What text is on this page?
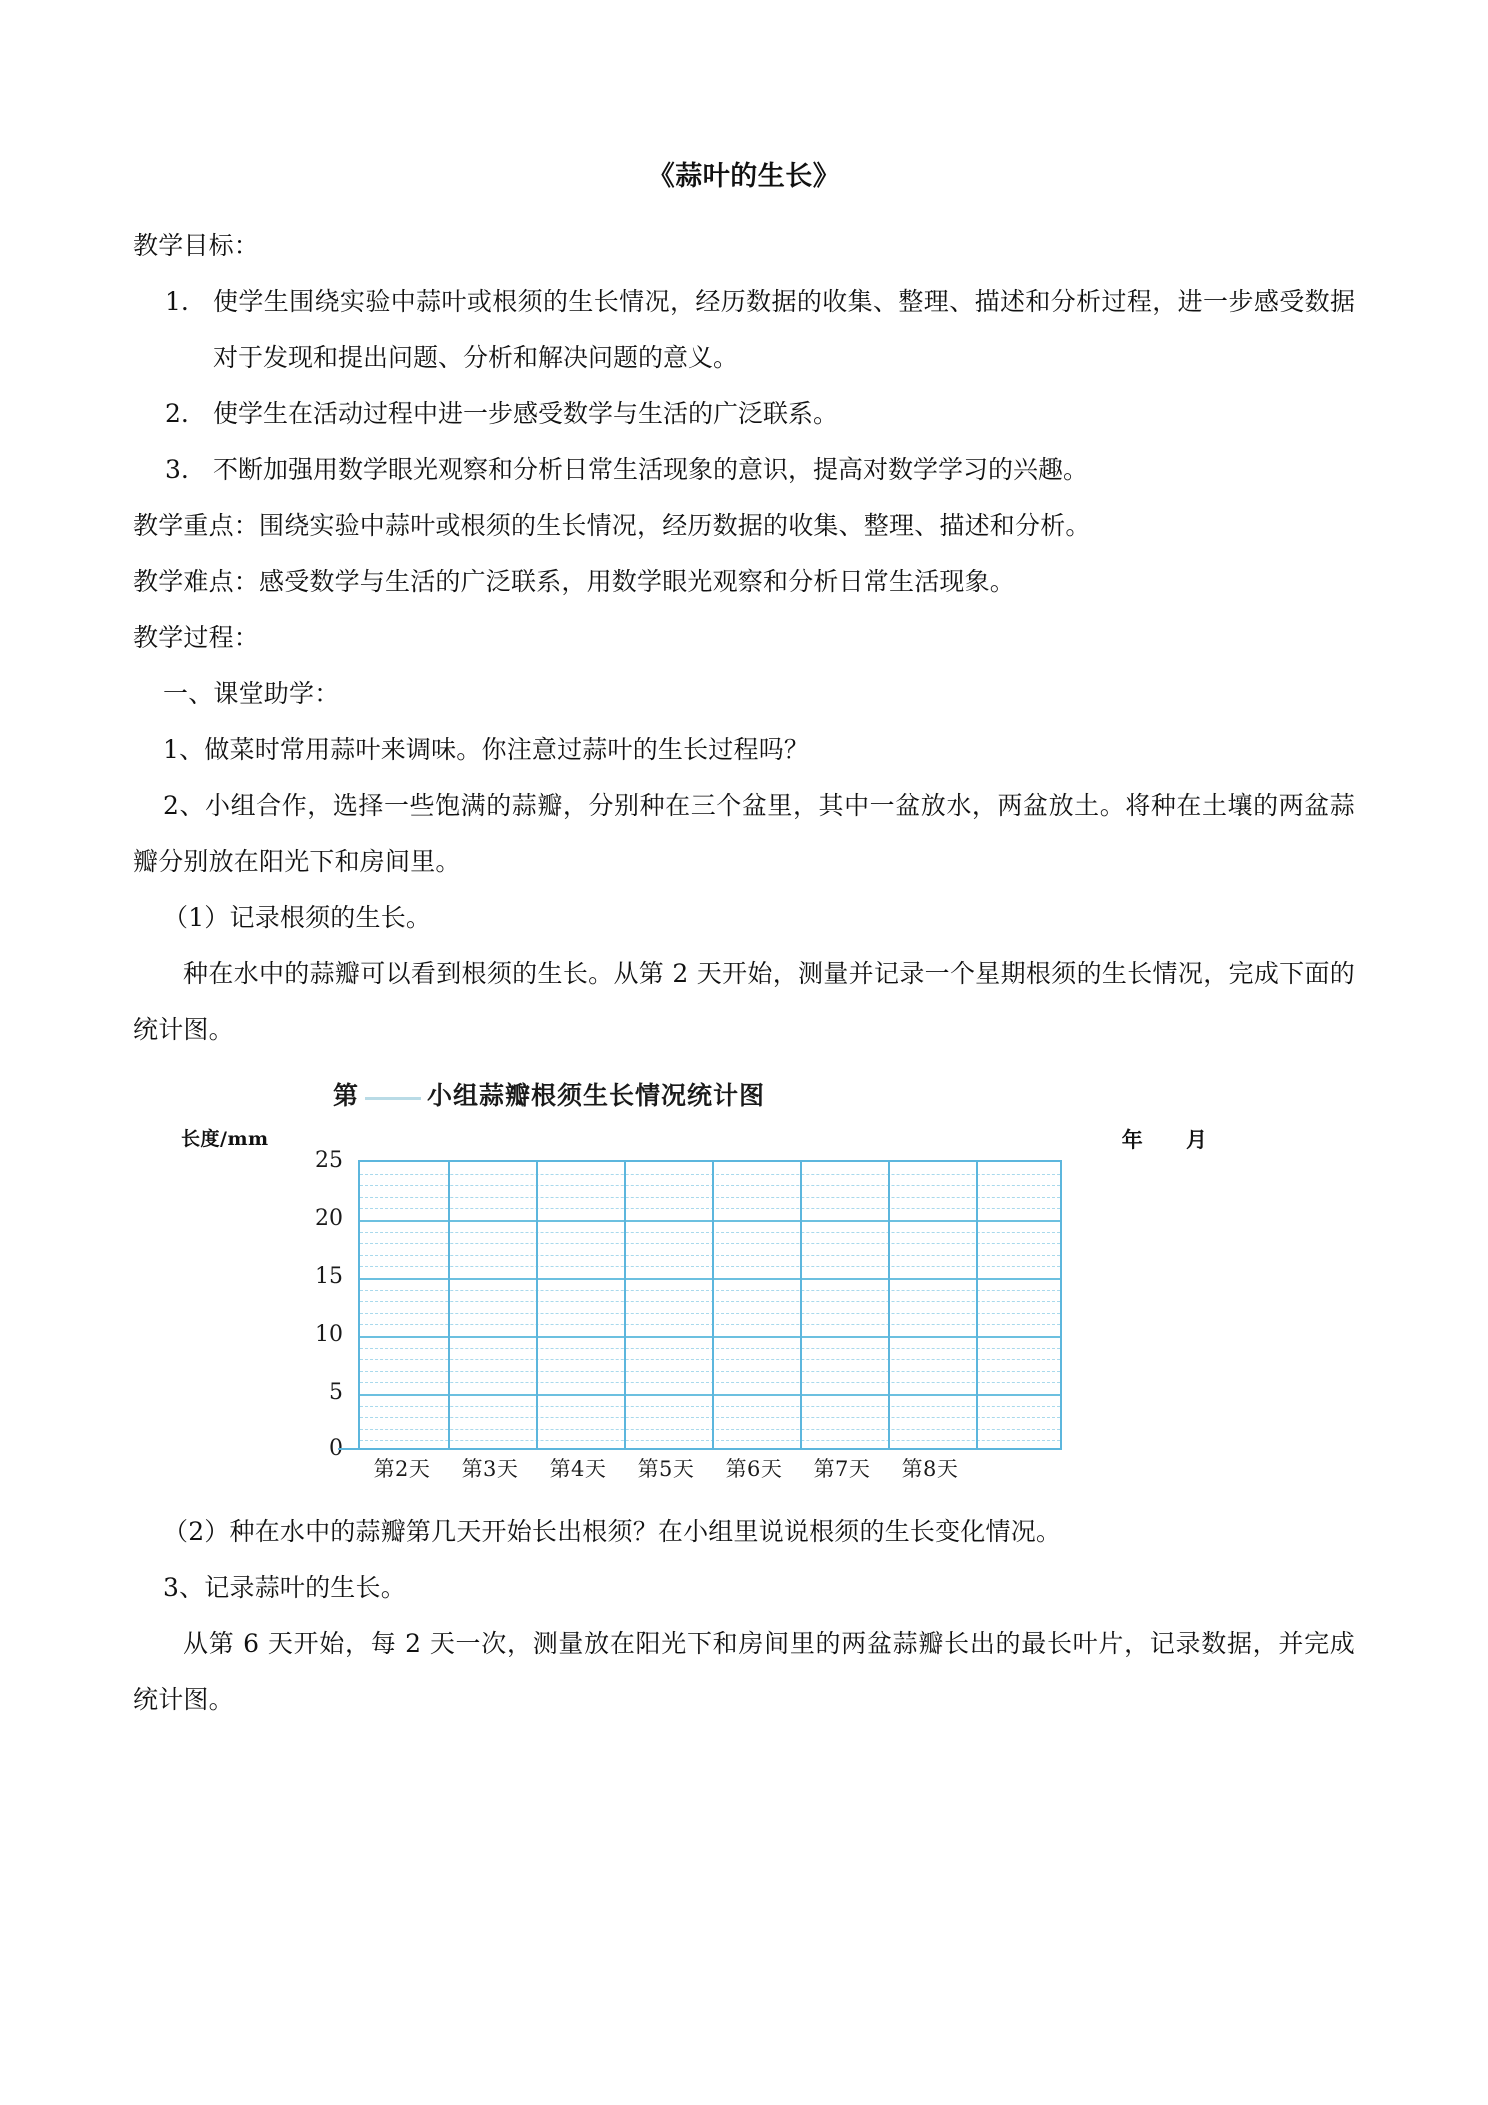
《蒜叶的生长》

教学目标：

1. 使学生围绕实验中蒜叶或根须的生长情况，经历数据的收集、整理、描述和分析过程，进一步感受数据对于发现和提出问题、分析和解决问题的意义。
2. 使学生在活动过程中进一步感受数学与生活的广泛联系。
3. 不断加强用数学眼光观察和分析日常生活现象的意识，提高对数学学习的兴趣。

教学重点：围绕实验中蒜叶或根须的生长情况，经历数据的收集、整理、描述和分析。

教学难点：感受数学与生活的广泛联系，用数学眼光观察和分析日常生活现象。

教学过程：

一、课堂助学：

1、做菜时常用蒜叶来调味。你注意过蒜叶的生长过程吗？

2、小组合作，选择一些饱满的蒜瓣，分别种在三个盆里，其中一盆放水，两盆放土。将种在土壤的两盆蒜瓣分别放在阳光下和房间里。

（1）记录根须的生长。

种在水中的蒜瓣可以看到根须的生长。从第 2 天开始，测量并记录一个星期根须的生长情况，完成下面的统计图。

第	小组蒜瓣根须生长情况统计图
长度/mm	年 月
25
20
15
10
5
0
第2天	第3天	第4天	第5天	第6天	第7天	第8天

（2）种在水中的蒜瓣第几天开始长出根须？在小组里说说根须的生长变化情况。

3、记录蒜叶的生长。

从第 6 天开始，每 2 天一次，测量放在阳光下和房间里的两盆蒜瓣长出的最长叶片，记录数据，并完成统计图。
